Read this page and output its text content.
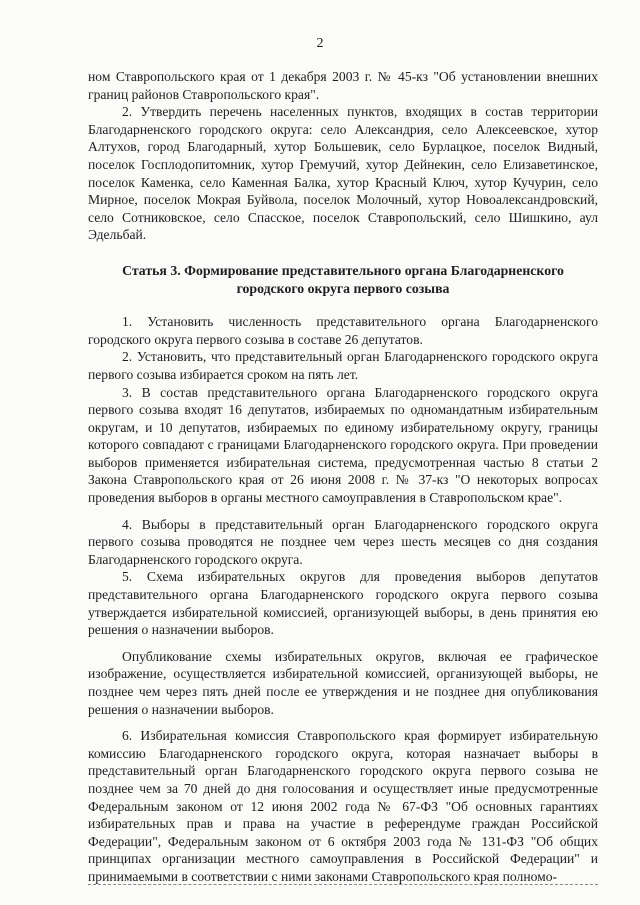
2

ном Ставропольского края от 1 декабря 2003 г. № 45-кз "Об установлении внешних границ районов Ставропольского края".

2. Утвердить перечень населенных пунктов, входящих в состав территории Благодарненского городского округа: село Александрия, село Алексеевское, хутор Алтухов, город Благодарный, хутор Большевик, село Бурлацкое, поселок Видный, поселок Госплодопитомник, хутор Гремучий, хутор Дейнекин, село Елизаветинское, поселок Каменка, село Каменная Балка, хутор Красный Ключ, хутор Кучурин, село Мирное, поселок Мокрая Буйвола, поселок Молочный, хутор Новоалександровский, село Сотниковское, село Спасское, поселок Ставропольский, село Шишкино, аул Эдельбай.

Статья 3. Формирование представительного органа Благодарненского городского округа первого созыва

1. Установить численность представительного органа Благодарненского городского округа первого созыва в составе 26 депутатов.

2. Установить, что представительный орган Благодарненского городского округа первого созыва избирается сроком на пять лет.

3. В состав представительного органа Благодарненского городского округа первого созыва входят 16 депутатов, избираемых по одномандатным избирательным округам, и 10 депутатов, избираемых по единому избирательному округу, границы которого совпадают с границами Благодарненского городского округа. При проведении выборов применяется избирательная система, предусмотренная частью 8 статьи 2 Закона Ставропольского края от 26 июня 2008 г. № 37-кз "О некоторых вопросах проведения выборов в органы местного самоуправления в Ставропольском крае".

4. Выборы в представительный орган Благодарненского городского округа первого созыва проводятся не позднее чем через шесть месяцев со дня создания Благодарненского городского округа.

5. Схема избирательных округов для проведения выборов депутатов представительного органа Благодарненского городского округа первого созыва утверждается избирательной комиссией, организующей выборы, в день принятия ею решения о назначении выборов.

Опубликование схемы избирательных округов, включая ее графическое изображение, осуществляется избирательной комиссией, организующей выборы, не позднее чем через пять дней после ее утверждения и не позднее дня опубликования решения о назначении выборов.

6. Избирательная комиссия Ставропольского края формирует избирательную комиссию Благодарненского городского округа, которая назначает выборы в представительный орган Благодарненского городского округа первого созыва не позднее чем за 70 дней до дня голосования и осуществляет иные предусмотренные Федеральным законом от 12 июня 2002 года № 67-ФЗ "Об основных гарантиях избирательных прав и права на участие в референдуме граждан Российской Федерации", Федеральным законом от 6 октября 2003 года № 131-ФЗ "Об общих принципах организации местного самоуправления в Российской Федерации" и принимаемыми в соответствии с ними законами Ставропольского края полномо-
